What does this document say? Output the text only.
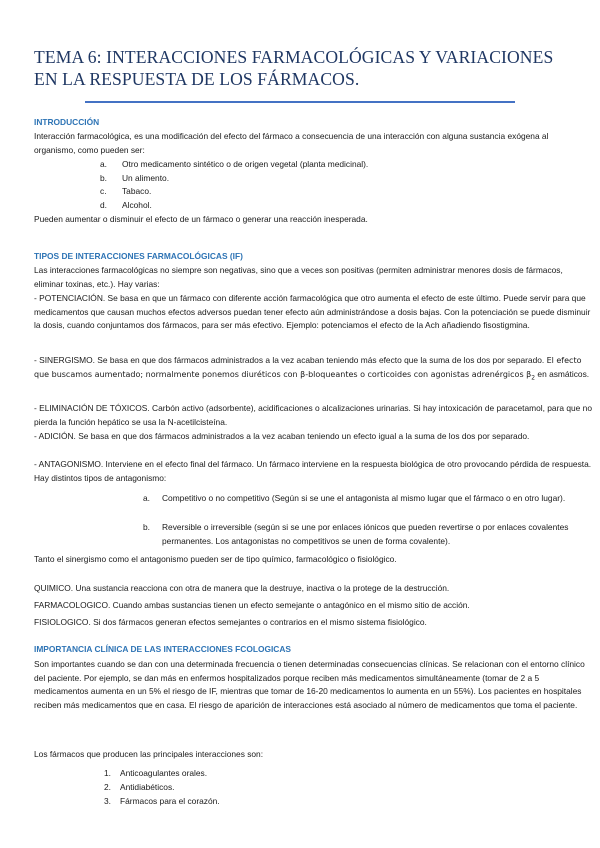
TEMA 6: INTERACCIONES FARMACOLÓGICAS Y VARIACIONES EN LA RESPUESTA DE LOS FÁRMACOS.
INTRODUCCIÓN

Interacción farmacológica, es una modificación del efecto del fármaco a consecuencia de una interacción con alguna sustancia exógena al organismo, como pueden ser:

a. Otro medicamento sintético o de origen vegetal (planta medicinal).
b. Un alimento.
c. Tabaco.
d. Alcohol.

Pueden aumentar o disminuir el efecto de un fármaco o generar una reacción inesperada.

TIPOS DE INTERACCIONES FARMACOLÓGICAS (IF)

Las interacciones farmacológicas no siempre son negativas, sino que a veces son positivas (permiten administrar menores dosis de fármacos, eliminar toxinas, etc.). Hay varias:

- POTENCIACIÓN. Se basa en que un fármaco con diferente acción farmacológica que otro aumenta el efecto de este último. Puede servir para que medicamentos que causan muchos efectos adversos puedan tener efecto aún administrándose a dosis bajas. Con la potenciación se puede disminuir la dosis, cuando conjuntamos dos fármacos, para ser más efectivo. Ejemplo: potenciamos el efecto de la Ach añadiendo fisostigmina.

- SINERGISMO. Se basa en que dos fármacos administrados a la vez acaban teniendo más efecto que la suma de los dos por separado. El efecto que buscamos aumentado; normalmente ponemos diuréticos con β-bloqueantes o corticoides con agonistas adrenérgicos $\beta_2$ en asmáticos.

- ELIMINACIÓN DE TÓXICOS. Carbón activo (adsorbente), acidificaciones o alcalizaciones urinarias. Si hay intoxicación de paracetamol, para que no pierda la función hepático se usa la N-acetilcisteína.

- ADICIÓN. Se basa en que dos fármacos administrados a la vez acaban teniendo un efecto igual a la suma de los dos por separado.

- ANTAGONISMO. Interviene en el efecto final del fármaco. Un fármaco interviene en la respuesta biológica de otro provocando pérdida de respuesta. Hay distintos tipos de antagonismo:

a.	Competitivo o no competitivo (Según si se une el antagonista al mismo lugar que el fármaco o en otro lugar).
b.	Reversible o irreversible (según si se une por enlaces iónicos que pueden revertirse o por enlaces covalentes permanentes. Los antagonistas no competitivos se unen de forma covalente).

Tanto el sinergismo como el antagonismo pueden ser de tipo químico, farmacológico o fisiológico.

QUIMICO. Una sustancia reacciona con otra de manera que la destruye, inactiva o la protege de la destrucción.

FARMACOLOGICO. Cuando ambas sustancias tienen un efecto semejante o antagónico en el mismo sitio de acción.

FISIOLOGICO. Si dos fármacos generan efectos semejantes o contrarios en el mismo sistema fisiológico.

IMPORTANCIA CLÍNICA DE LAS INTERACCIONES FCOLOGICAS

Son importantes cuando se dan con una determinada frecuencia o tienen determinadas consecuencias clínicas. Se relacionan con el entorno clínico del paciente. Por ejemplo, se dan más en enfermos hospitalizados porque reciben más medicamentos simultáneamente (tomar de 2 a 5 medicamentos aumenta en un 5% el riesgo de IF, mientras que tomar de 16-20 medicamentos lo aumenta en un 55%). Los pacientes en hospitales reciben más medicamentos que en casa. El riesgo de aparición de interacciones está asociado al número de medicamentos que toma el paciente.

Los fármacos que producen las principales interacciones son:

1. Anticoagulantes orales.
2. Antidiabéticos.
3. Fármacos para el corazón.
